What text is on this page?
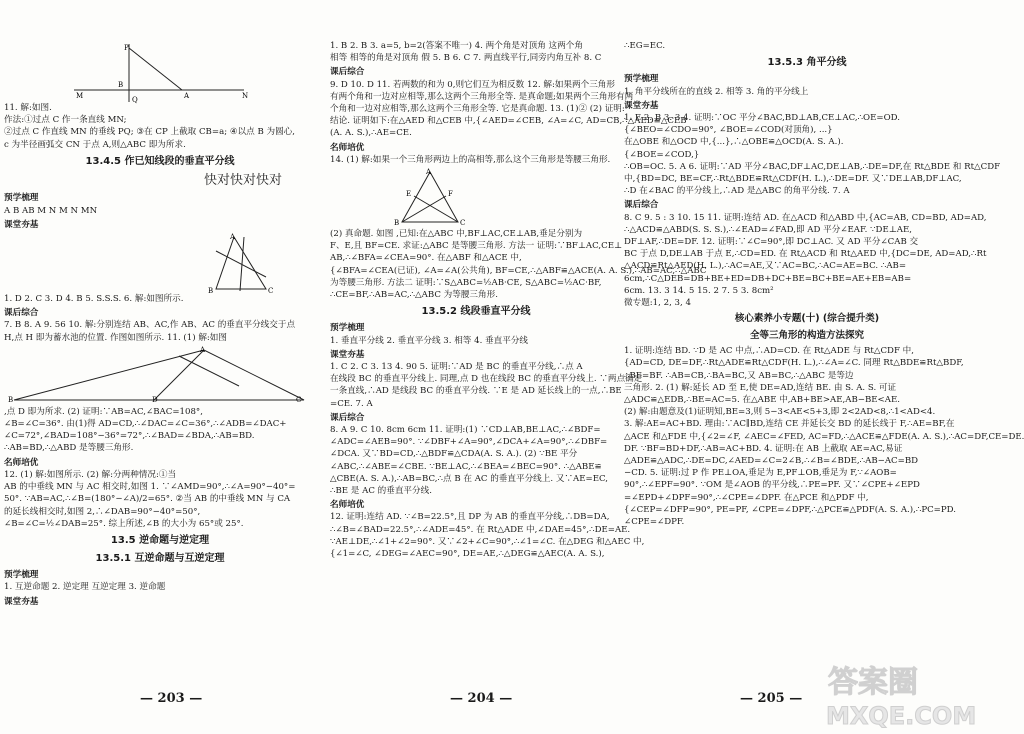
P
B
A
M	N
Q
11. 解:如图.
作法:①过点 C 作一条直线 MN;
②过点 C 作直线 MN 的垂线 PQ; ③在 CP 上截取 CB=a; ④以点 B 为圆心,
c 为半径画弧交 CN 于点 A,则△ABC 即为所求.
13.4.5 作已知线段的垂直平分线
快对快对快对
预学梳理
A B AB M N M N MN
课堂夯基
A
B	C
1. D 2. C 3. D 4. B 5. S.S.S. 6. 解:如图所示.
课后综合
7. B 8. A 9. 56 10. 解:分别连结 AB、AC,作 AB、AC 的垂直平分线交于点
H,点 H 即为蓄水池的位置. 作图如图所示. 11. (1) 解:如图
A
B	D	C
,点 D 即为所求. (2) 证明:∵AB=AC,∠BAC=108°,
∠B=∠C=36°. 由(1)得 AD=CD,∴∠DAC=∠C=36°,∴∠ADB=∠DAC+
∠C=72°,∠BAD=108°−36°=72°,∴∠BAD=∠BDA,∴AB=BD.
∴AB=BD,∴△ABD 是等腰三角形.
名师培优
12. (1) 解:如图所示. (2) 解:分两种情况:①当
AB 的中垂线 MN 与 AC 相交时,如图 1. ∵∠AMD=90°,∴∠A=90°−40°=
50°. ∵AB=AC,∴∠B=(180°−∠A)/2=65°. ②当 AB 的中垂线 MN 与 CA
的延长线相交时,如图 2,∴∠DAB=90°−40°=50°,
∠B=∠C=½∠DAB=25°. 综上所述,∠B 的大小为 65°或 25°.
13.5 逆命题与逆定理
13.5.1 互逆命题与互逆定理
预学梳理
1. 互逆命题 2. 逆定理 互逆定理 3. 逆命题
课堂夯基
1. B 2. B 3. a=5, b=2(答案不唯一) 4. 两个角是对顶角 这两个角
相等 相等的角是对顶角 假 5. B 6. C 7. 两直线平行,同旁内角互补 8. C
课后综合
9. D 10. D 11. 若两数的和为 0,则它们互为相反数 12. 解:如果两个三角形
有两个角和一边对应相等,那么这两个三角形全等. 是真命题;如果两个三角形有两
个角和一边对应相等,那么这两个三角形全等. 它是真命题. 13. (1)② (2) 证明:
结论. 证明如下:在△AED 和△CEB 中,{∠AED=∠CEB, ∠A=∠C, AD=CB,∴△AED≌△CEB
(A. A. S.),∴AE=CE.
名师培优
14. (1) 解:如果一个三角形两边上的高相等,那么这个三角形是等腰三角形.
A
B	C
E	F
(2) 真命题. 如图 ,已知:在△ABC 中,BF⊥AC,CE⊥AB,垂足分别为
F、E,且 BF=CE. 求证:△ABC 是等腰三角形. 方法一 证明:∵BF⊥AC,CE⊥
AB,∴∠BFA=∠CEA=90°. 在△ABF 和△ACE 中,
{∠BFA=∠CEA(已证), ∠A=∠A(公共角), BF=CE,∴△ABF≌△ACE(A. A. S.),∴AB=AC,∴△ABC
为等腰三角形. 方法二 证明:∵S△ABC=½AB·CE, S△ABC=½AC·BF,
∴CE=BF,∴AB=AC,∴△ABC 为等腰三角形.
13.5.2 线段垂直平分线
预学梳理
1. 垂直平分线 2. 垂直平分线 3. 相等 4. 垂直平分线
课堂夯基
1. C 2. C 3. 13 4. 90 5. 证明:∵AD 是 BC 的垂直平分线,∴点 A
在线段 BC 的垂直平分线上. 同理,点 D 也在线段 BC 的垂直平分线上. ∵两点确定
一条直线,∴AD 是线段 BC 的垂直平分线. ∵E 是 AD 延长线上的一点,∴BE
=CE. 7. A
课后综合
8. A 9. C 10. 8cm 6cm 11. 证明:(1) ∵CD⊥AB,BE⊥AC,∴∠BDF=
∠ADC=∠AEB=90°. ∵∠DBF+∠A=90°,∠DCA+∠A=90°,∴∠DBF=
∠DCA. 又∵BD=CD,∴△BDF≌△CDA(A. S. A.). (2) ∵BE 平分
∠ABC,∴∠ABE=∠CBE. ∵BE⊥AC,∴∠BEA=∠BEC=90°. ∴△ABE≌
△CBE(A. S. A.),∴AB=BC,∴点 B 在 AC 的垂直平分线上. 又∵AE=EC,
∴BE 是 AC 的垂直平分线.
名师培优
12. 证明:连结 AD. ∵∠B=22.5°,且 DP 为 AB 的垂直平分线,∴DB=DA,
∴∠B=∠BAD=22.5°,∴∠ADE=45°. 在 Rt△ADE 中,∠DAE=45°,∴DE=AE.
∵AE⊥DE,∴∠1+∠2=90°. 又∵∠2+∠C=90°,∴∠1=∠C. 在△DEG 和△AEC 中,
{∠1=∠C, ∠DEG=∠AEC=90°, DE=AE,∴△DEG≌△AEC(A. A. S.),
∴EG=EC.
13.5.3 角平分线
预学梳理
1. 角平分线所在的直线 2. 相等 3. 角的平分线上
课堂夯基
1. E 2. B 3. 3 4. 证明:∵OC 平分∠BAC,BD⊥AB,CE⊥AC,∴OE=OD.
{∠BEO=∠CDO=90°, ∠BOE=∠COD(对顶角), ...}
在△OBE 和△OCD 中,{...},∴△OBE≌△OCD(A. S. A.).
{∠BOE=∠COD,}
∴OB=OC. 5. A 6. 证明:∵AD 平分∠BAC,DF⊥AC,DE⊥AB,∴DE=DF,在 Rt△BDE 和 Rt△CDF
中,{BD=DC, BE=CF,∴Rt△BDE≌Rt△CDF(H. L.),∴DE=DF. 又∵DE⊥AB,DF⊥AC,
∴D 在∠BAC 的平分线上,∴AD 是△ABC 的角平分线. 7. A
课后综合
8. C 9. 5 : 3 10. 15 11. 证明:连结 AD. 在△ACD 和△ABD 中,{AC=AB, CD=BD, AD=AD,
∴△ACD≌△ABD(S. S. S.),∴∠EAD=∠FAD,即 AD 平分∠EAF. ∵DE⊥AE,
DF⊥AF,∴DE=DF. 12. 证明:∵∠C=90°,即 DC⊥AC. 又 AD 平分∠CAB 交
BC 于点 D,DE⊥AB 于点 E,∴CD=ED. 在 Rt△ACD 和 Rt△AED 中,{DC=DE, AD=AD,∴Rt
△ACD≌Rt△AED(H. L.),∴AC=AE,又∵AC=BC,∴AC=AE=BC. ∴AB=
6cm,∴C△DEB=DB+BE+ED=DB+DC+BE=BC+BE=AE+EB=AB=
6cm. 13. 3 14. 5 15. 2 7. 5 3. 8cm²
微专题:1, 2, 3, 4
核心素养小专题(十) (综合提升类)
全等三角形的构造方法探究
1. 证明:连结 BD. ∵D 是 AC 中点,∴AD=CD. 在 Rt△ADE 与 Rt△CDF 中,
{AD=CD, DE=DF,∴Rt△ADE≌Rt△CDF(H. L.),∴∠A=∠C. 同理 Rt△BDE≌Rt△BDF,
∴BE=BF. ∴AB=CB,∴BA=BC,又 AB=BC,∴△ABC 是等边
三角形. 2. (1) 解:延长 AD 至 E,使 DE=AD,连结 BE. 由 S. A. S. 可证
△ADC≌△EDB,∴BE=AC=5. 在△ABE 中,AB+BE>AE,AB−BE<AE.
(2) 解:由题意及(1)证明知,BE=3,则 5−3<AE<5+3,即 2<2AD<8,∴1<AD<4.
3. 解:AE=AC+BD. 理由:∵AC∥BD,连结 CE 并延长交 BD 的延长线于 F,∴AE=BF,在
△ACE 和△FDE 中,{∠2=∠F, ∠AEC=∠FED, AC=FD,∴△ACE≌△FDE(A. A. S.),∴AC=DF,CE=DE.
DF. ∵BF=BD+DF,∴AB=AC+BD. 4. 证明:在 AB 上截取 AE=AC,易证
△ADE≌△ADC,∴DE=DC,∠AED=∠C=2∠B,∴∠B=∠BDE,∴AB−AC=BD
−CD. 5. 证明:过 P 作 PE⊥OA,垂足为 E,PF⊥OB,垂足为 F,∵∠AOB=
90°,∴∠EPF=90°. ∵OM 是∠AOB 的平分线,∴PE=PF. 又∵∠CPE+∠EPD
=∠EPD+∠DPF=90°,∴∠CPE=∠DPF. 在△PCE 和△PDF 中,
{∠CEP=∠DFP=90°, PE=PF, ∠CPE=∠DPF,∴△PCE≌△PDF(A. S. A.),∴PC=PD.
∠CPE=∠DPF.
— 203 —	— 204 —	— 205 — 答案圈
MXQE.COM
